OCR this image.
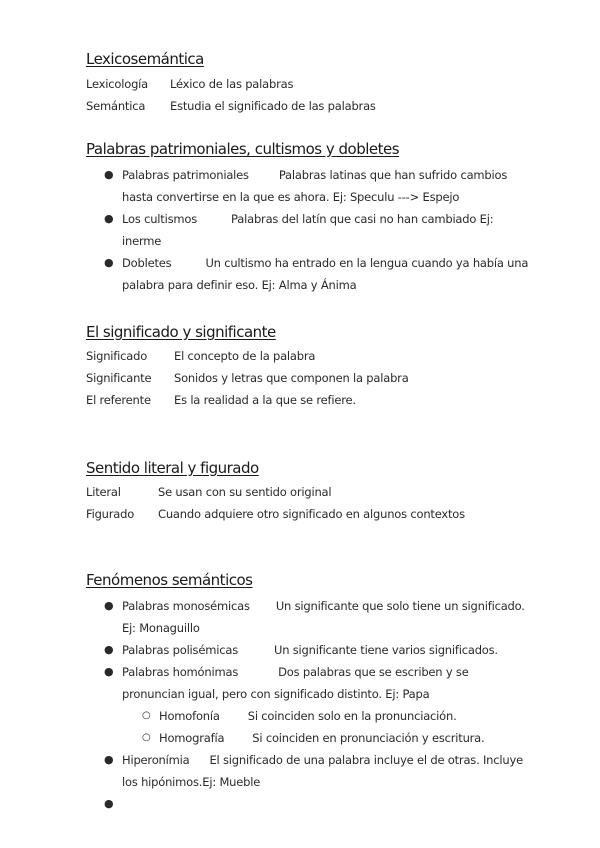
Lexicosemántica
Lexicología Léxico de las palabras
Semántica Estudia el significado de las palabras
Palabras patrimoniales, cultismos y dobletes
● Palabras patrimoniales	Palabras latinas que han sufrido cambios
hasta convertirse en la que es ahora. Ej: Speculu ---> Espejo
● Los cultismos	Palabras del latín que casi no han cambiado Ej:
inerme
● Dobletes	Un cultismo ha entrado en la lengua cuando ya había una
palabra para definir eso. Ej: Alma y Ánima
El significado y significante
Significado El concepto de la palabra
Significante Sonidos y letras que componen la palabra
El referente Es la realidad a la que se refiere.
Sentido literal y figurado
Literal	Se usan con su sentido original
Figurado Cuando adquiere otro significado en algunos contextos
Fenómenos semánticos
● Palabras monosémicas Un significante que solo tiene un significado.
Ej: Monaguillo
● Palabras polisémicas	Un significante tiene varios significados.
● Palabras homónimas	Dos palabras que se escriben y se
pronuncian igual, pero con significado distinto. Ej: Papa
○ Homofonía Si coinciden solo en la pronunciación.
○ Homografía Si coinciden en pronunciación y escritura.
● Hiperonímia El significado de una palabra incluye el de otras. Incluye
los hipónimos.Ej: Mueble
●
